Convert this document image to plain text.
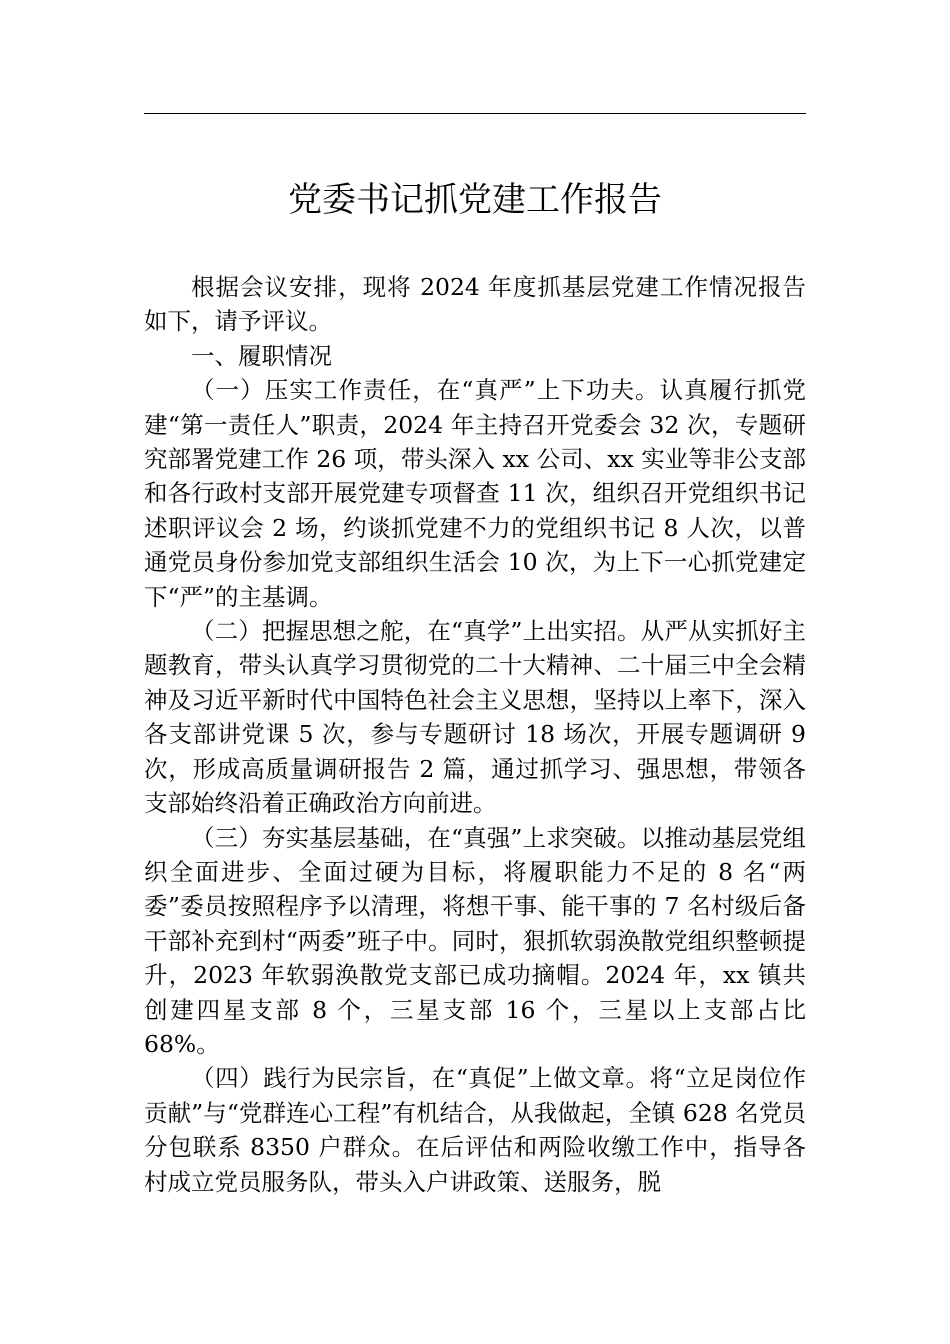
党委书记抓党建工作报告

根据会议安排，现将 2024 年度抓基层党建工作情况报告如下，请予评议。

一、履职情况

（一）压实工作责任，在“真严”上下功夫。认真履行抓党建“第一责任人”职责，2024 年主持召开党委会 32 次，专题研究部署党建工作 26 项，带头深入 xx 公司、xx 实业等非公支部和各行政村支部开展党建专项督查 11 次，组织召开党组织书记述职评议会 2 场，约谈抓党建不力的党组织书记 8 人次，以普通党员身份参加党支部组织生活会 10 次，为上下一心抓党建定下“严”的主基调。

（二）把握思想之舵，在“真学”上出实招。从严从实抓好主题教育，带头认真学习贯彻党的二十大精神、二十届三中全会精神及习近平新时代中国特色社会主义思想，坚持以上率下，深入各支部讲党课 5 次，参与专题研讨 18 场次，开展专题调研 9 次，形成高质量调研报告 2 篇，通过抓学习、强思想，带领各支部始终沿着正确政治方向前进。

（三）夯实基层基础，在“真强”上求突破。以推动基层党组织全面进步、全面过硬为目标，将履职能力不足的 8 名“两委”委员按照程序予以清理，将想干事、能干事的 7 名村级后备干部补充到村“两委”班子中。同时，狠抓软弱涣散党组织整顿提升，2023 年软弱涣散党支部已成功摘帽。2024 年，xx 镇共创建四星支部 8 个，三星支部 16 个，三星以上支部占比 68%。

（四）践行为民宗旨，在“真促”上做文章。将“立足岗位作贡献”与“党群连心工程”有机结合，从我做起，全镇 628 名党员分包联系 8350 户群众。在后评估和两险收缴工作中，指导各村成立党员服务队，带头入户讲政策、送服务，脱
